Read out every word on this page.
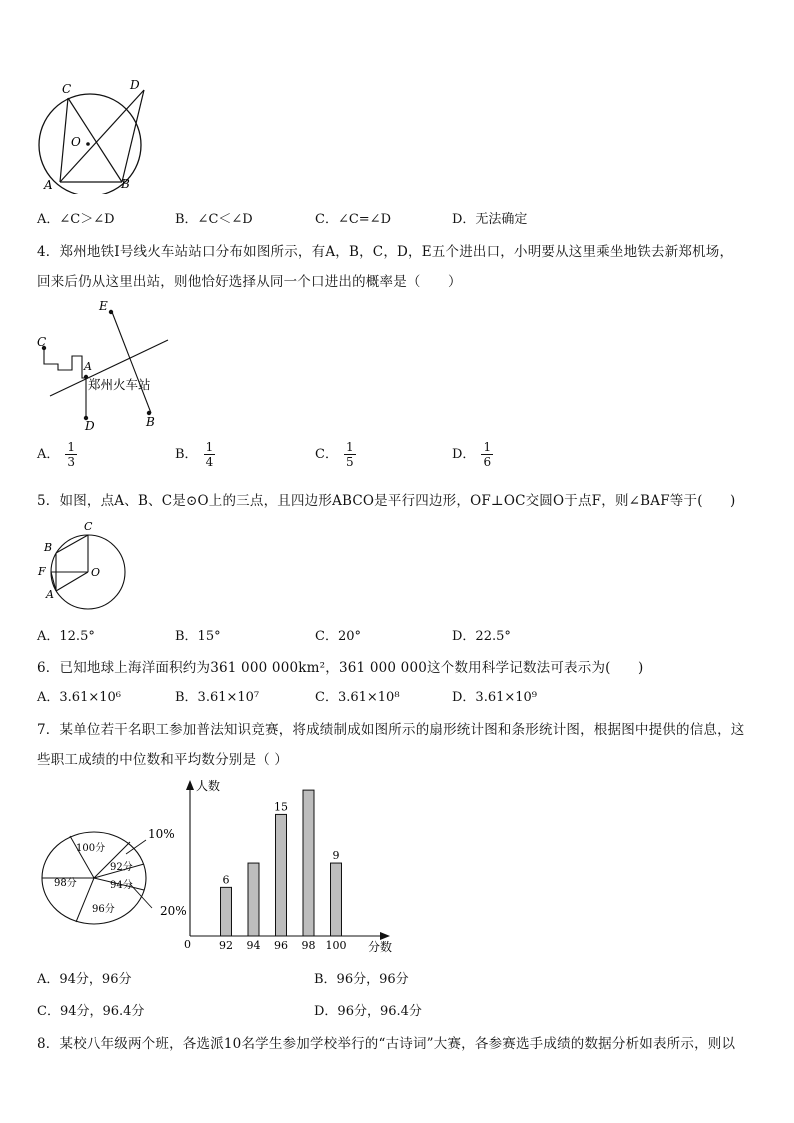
C	D
O
A	B
A．∠C＞∠D	B．∠C＜∠D	C．∠C=∠D	D．无法确定
4．郑州地铁Ⅰ号线火车站站口分布如图所示，有A，B，C，D，E五个进出口，小明要从这里乘坐地铁去新郑机场，
回来后仍从这里出站，则他恰好选择从同一个口进出的概率是（　　）
E
C
A
郑州火车站
D	B
A． $\frac{1}{3}$	B． $\frac{1}{4}$	C． $\frac{1}{5}$	D． $\frac{1}{6}$
5．如图，点A、B、C是⊙O上的三点，且四边形ABCO是平行四边形，OF⊥OC交圆O于点F，则∠BAF等于(　　)
C
B
F	O
A
A．12.5°	B．15°	C．20°	D．22.5°
6．已知地球上海洋面积约为361 000 000km²，361 000 000这个数用科学记数法可表示为(　　)
A．3.61×10⁶	B．3.61×10⁷	C．3.61×10⁸	D．3.61×10⁹
7．某单位若干名职工参加普法知识竞赛，将成绩制成如图所示的扇形统计图和条形统计图，根据图中提供的信息，这
些职工成绩的中位数和平均数分别是（ ）
100分
98分
96分
92分
94分
10%
20%
人数
分数
0	92
6
94 96
15
98 100
9
A．94分，96分	B．96分，96分
C．94分，96.4分	D．96分，96.4分
8．某校八年级两个班，各选派10名学生参加学校举行的“古诗词”大赛，各参赛选手成绩的数据分析如表所示，则以
